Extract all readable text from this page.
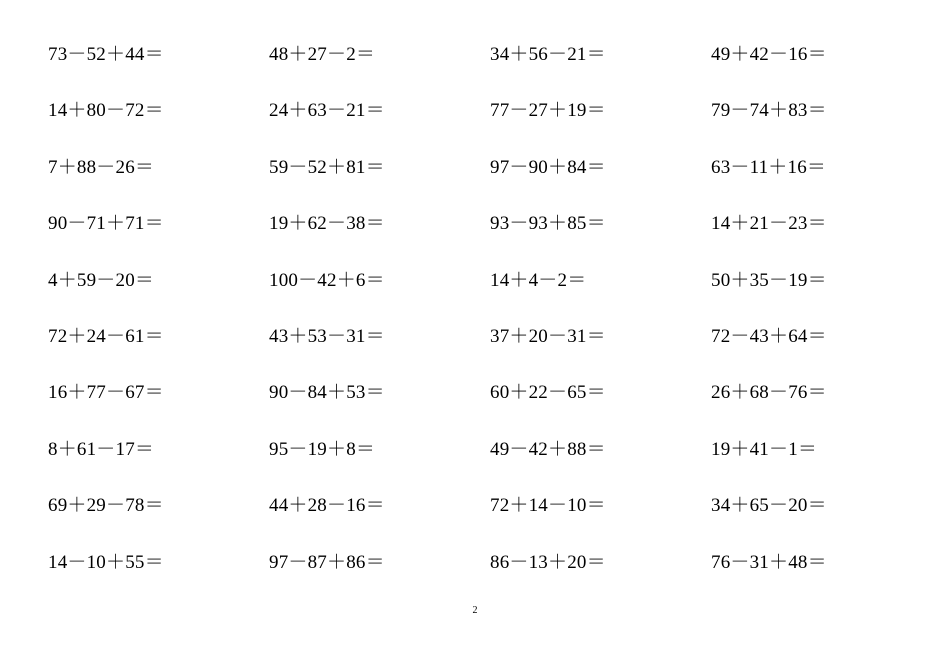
73－52＋44＝	48＋27－2＝	34＋56－21＝	49＋42－16＝
14＋80－72＝	24＋63－21＝	77－27＋19＝	79－74＋83＝
7＋88－26＝	59－52＋81＝	97－90＋84＝	63－11＋16＝
90－71＋71＝	19＋62－38＝	93－93＋85＝	14＋21－23＝
4＋59－20＝	100－42＋6＝	14＋4－2＝	50＋35－19＝
72＋24－61＝	43＋53－31＝	37＋20－31＝	72－43＋64＝
16＋77－67＝	90－84＋53＝	60＋22－65＝	26＋68－76＝
8＋61－17＝	95－19＋8＝	49－42＋88＝	19＋41－1＝
69＋29－78＝	44＋28－16＝	72＋14－10＝	34＋65－20＝
14－10＋55＝	97－87＋86＝	86－13＋20＝	76－31＋48＝
2
